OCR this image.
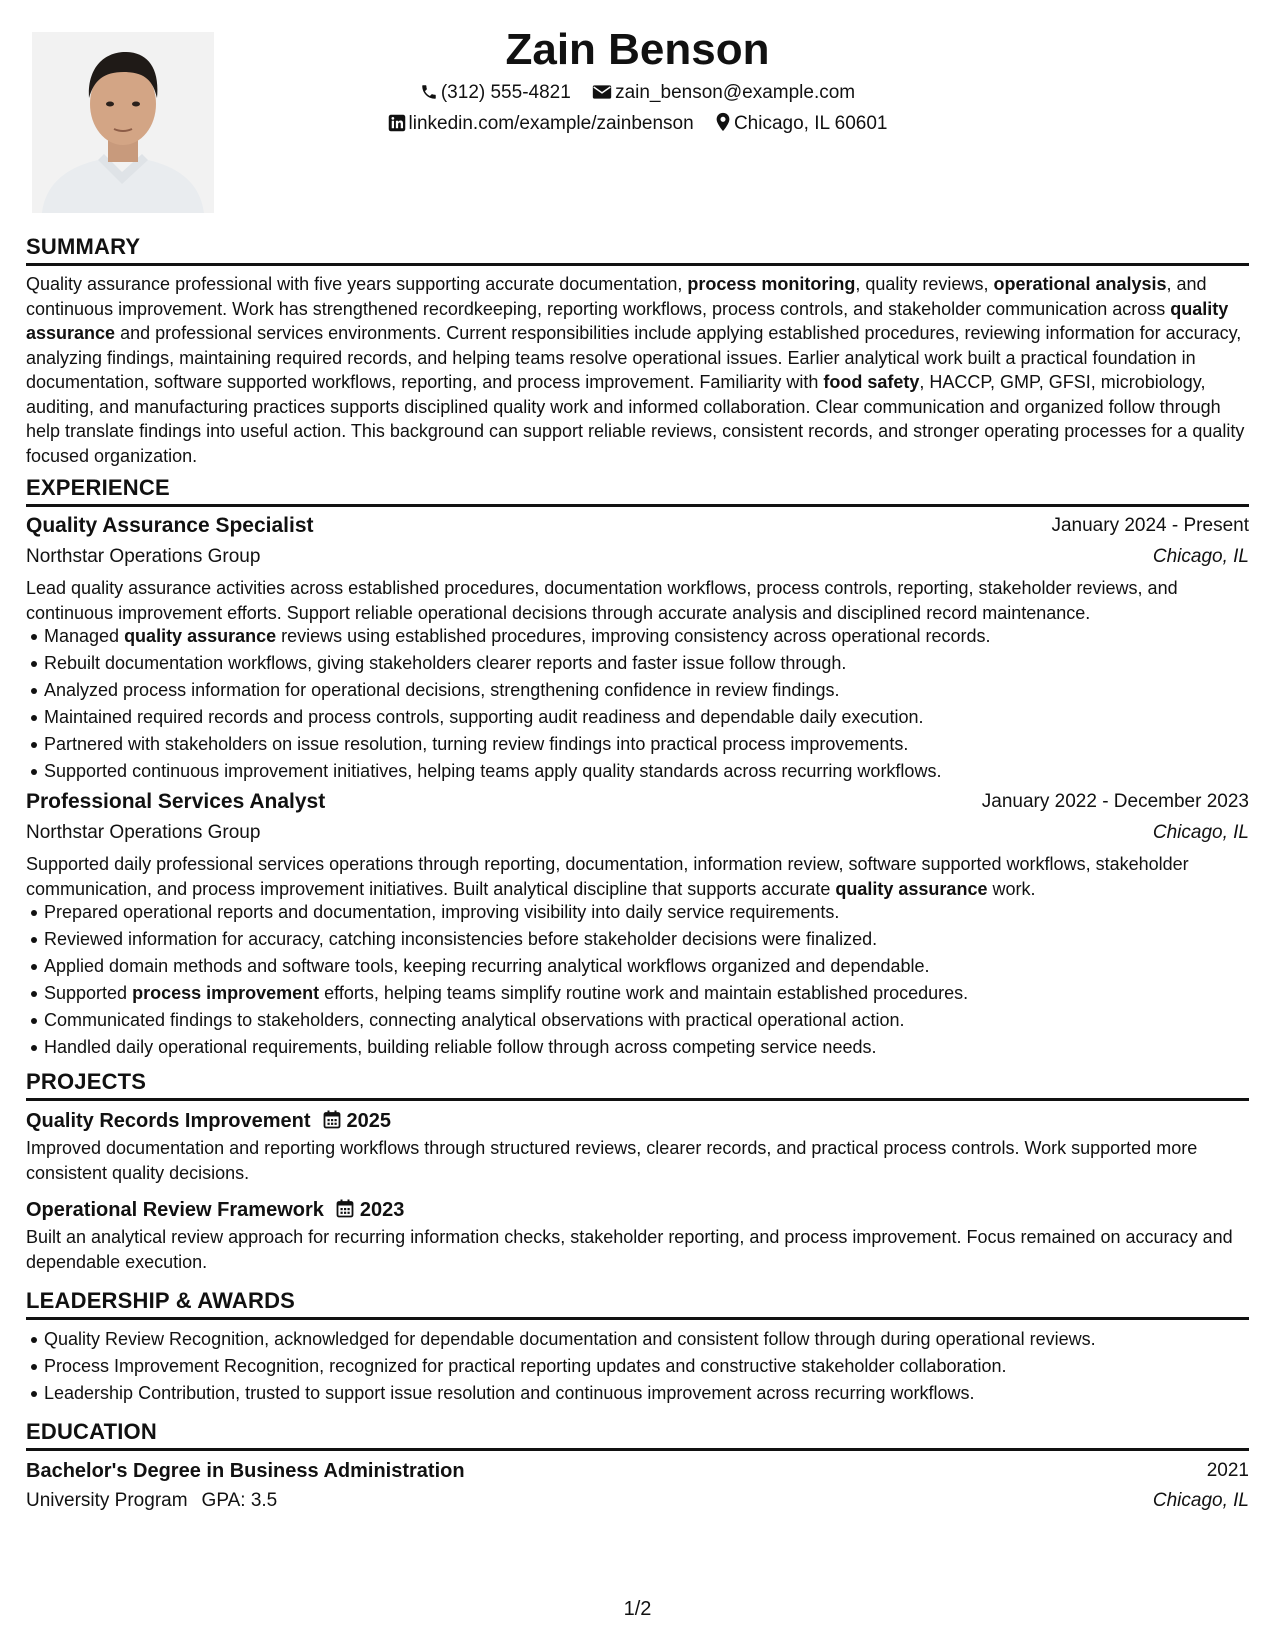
Zain Benson
(312) 555-4821 zain_benson@example.com
linkedin.com/example/zainbenson Chicago, IL 60601
SUMMARY
Quality assurance professional with five years supporting accurate documentation, process monitoring, quality reviews, operational analysis, and continuous improvement. Work has strengthened recordkeeping, reporting workflows, process controls, and stakeholder communication across quality assurance and professional services environments. Current responsibilities include applying established procedures, reviewing information for accuracy, analyzing findings, maintaining required records, and helping teams resolve operational issues. Earlier analytical work built a practical foundation in documentation, software supported workflows, reporting, and process improvement. Familiarity with food safety, HACCP, GMP, GFSI, microbiology, auditing, and manufacturing practices supports disciplined quality work and informed collaboration. Clear communication and organized follow through help translate findings into useful action. This background can support reliable reviews, consistent records, and stronger operating processes for a quality focused organization.
EXPERIENCE
Quality Assurance Specialist	January 2024 - Present
Northstar Operations Group	Chicago, IL
Lead quality assurance activities across established procedures, documentation workflows, process controls, reporting, stakeholder reviews, and continuous improvement efforts. Support reliable operational decisions through accurate analysis and disciplined record maintenance.
Managed quality assurance reviews using established procedures, improving consistency across operational records.
Rebuilt documentation workflows, giving stakeholders clearer reports and faster issue follow through.
Analyzed process information for operational decisions, strengthening confidence in review findings.
Maintained required records and process controls, supporting audit readiness and dependable daily execution.
Partnered with stakeholders on issue resolution, turning review findings into practical process improvements.
Supported continuous improvement initiatives, helping teams apply quality standards across recurring workflows.
Professional Services Analyst	January 2022 - December 2023
Northstar Operations Group	Chicago, IL
Supported daily professional services operations through reporting, documentation, information review, software supported workflows, stakeholder communication, and process improvement initiatives. Built analytical discipline that supports accurate quality assurance work.
Prepared operational reports and documentation, improving visibility into daily service requirements.
Reviewed information for accuracy, catching inconsistencies before stakeholder decisions were finalized.
Applied domain methods and software tools, keeping recurring analytical workflows organized and dependable.
Supported process improvement efforts, helping teams simplify routine work and maintain established procedures.
Communicated findings to stakeholders, connecting analytical observations with practical operational action.
Handled daily operational requirements, building reliable follow through across competing service needs.
PROJECTS
Quality Records Improvement 2025
Improved documentation and reporting workflows through structured reviews, clearer records, and practical process controls. Work supported more consistent quality decisions.
Operational Review Framework 2023
Built an analytical review approach for recurring information checks, stakeholder reporting, and process improvement. Focus remained on accuracy and dependable execution.
LEADERSHIP & AWARDS
Quality Review Recognition, acknowledged for dependable documentation and consistent follow through during operational reviews.
Process Improvement Recognition, recognized for practical reporting updates and constructive stakeholder collaboration.
Leadership Contribution, trusted to support issue resolution and continuous improvement across recurring workflows.
EDUCATION
Bachelor's Degree in Business Administration	2021
University Program GPA: 3.5	Chicago, IL
1/2
